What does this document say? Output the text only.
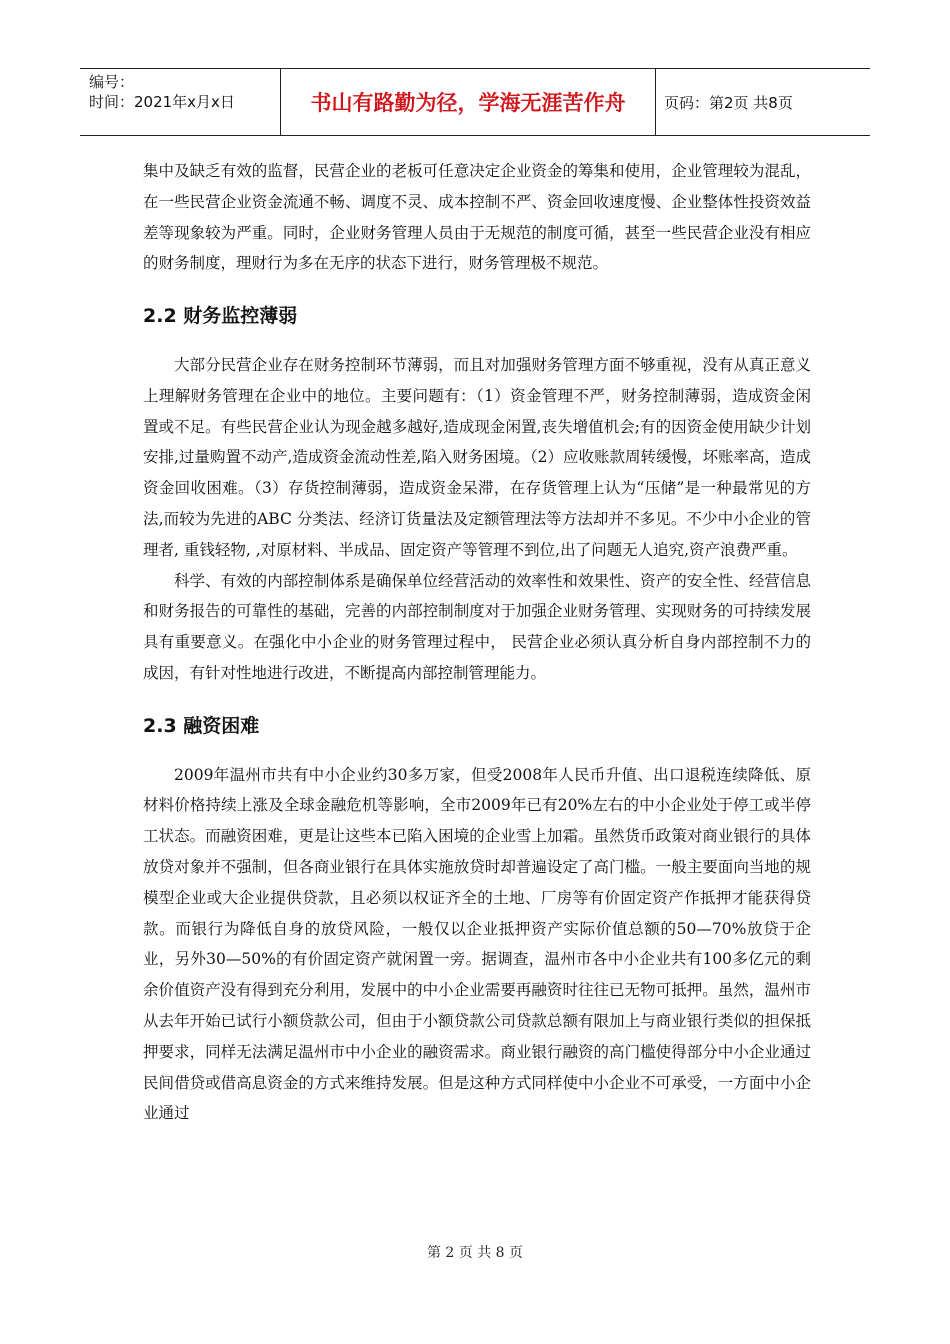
编号：
时间：2021年x月x日	书山有路勤为径，学海无涯苦作舟	页码：第2页 共8页

集中及缺乏有效的监督，民营企业的老板可任意决定企业资金的筹集和使用，企业管理较为混乱，在一些民营企业资金流通不畅、调度不灵、成本控制不严、资金回收速度慢、企业整体性投资效益差等现象较为严重。同时，企业财务管理人员由于无规范的制度可循，甚至一些民营企业没有相应的财务制度，理财行为多在无序的状态下进行，财务管理极不规范。

2.2 财务监控薄弱

大部分民营企业存在财务控制环节薄弱，而且对加强财务管理方面不够重视，没有从真正意义上理解财务管理在企业中的地位。主要问题有：（1）资金管理不严，财务控制薄弱，造成资金闲置或不足。有些民营企业认为现金越多越好,造成现金闲置,丧失增值机会;有的因资金使用缺少计划安排,过量购置不动产,造成资金流动性差,陷入财务困境。（2）应收账款周转缓慢，坏账率高，造成资金回收困难。（3）存货控制薄弱，造成资金呆滞，在存货管理上认为“压储”是一种最常见的方法,而较为先进的ABC 分类法、经济订货量法及定额管理法等方法却并不多见。不少中小企业的管理者, 重钱轻物, ,对原材料、半成品、固定资产等管理不到位,出了问题无人追究,资产浪费严重。

科学、有效的内部控制体系是确保单位经营活动的效率性和效果性、资产的安全性、经营信息和财务报告的可靠性的基础，完善的内部控制制度对于加强企业财务管理、实现财务的可持续发展具有重要意义。在强化中小企业的财务管理过程中， 民营企业必须认真分析自身内部控制不力的成因，有针对性地进行改进，不断提高内部控制管理能力。

2.3 融资困难

2009年温州市共有中小企业约30多万家，但受2008年人民币升值、出口退税连续降低、原材料价格持续上涨及全球金融危机等影响，全市2009年已有20%左右的中小企业处于停工或半停工状态。而融资困难，更是让这些本已陷入困境的企业雪上加霜。虽然货币政策对商业银行的具体放贷对象并不强制，但各商业银行在具体实施放贷时却普遍设定了高门槛。一般主要面向当地的规模型企业或大企业提供贷款，且必须以权证齐全的土地、厂房等有价固定资产作抵押才能获得贷款。而银行为降低自身的放贷风险，一般仅以企业抵押资产实际价值总额的50—70%放贷于企业，另外30—50%的有价固定资产就闲置一旁。据调查，温州市各中小企业共有100多亿元的剩余价值资产没有得到充分利用，发展中的中小企业需要再融资时往往已无物可抵押。虽然，温州市从去年开始已试行小额贷款公司，但由于小额贷款公司贷款总额有限加上与商业银行类似的担保抵押要求，同样无法满足温州市中小企业的融资需求。商业银行融资的高门槛使得部分中小企业通过民间借贷或借高息资金的方式来维持发展。但是这种方式同样使中小企业不可承受，一方面中小企业通过

第 2 页 共 8 页
